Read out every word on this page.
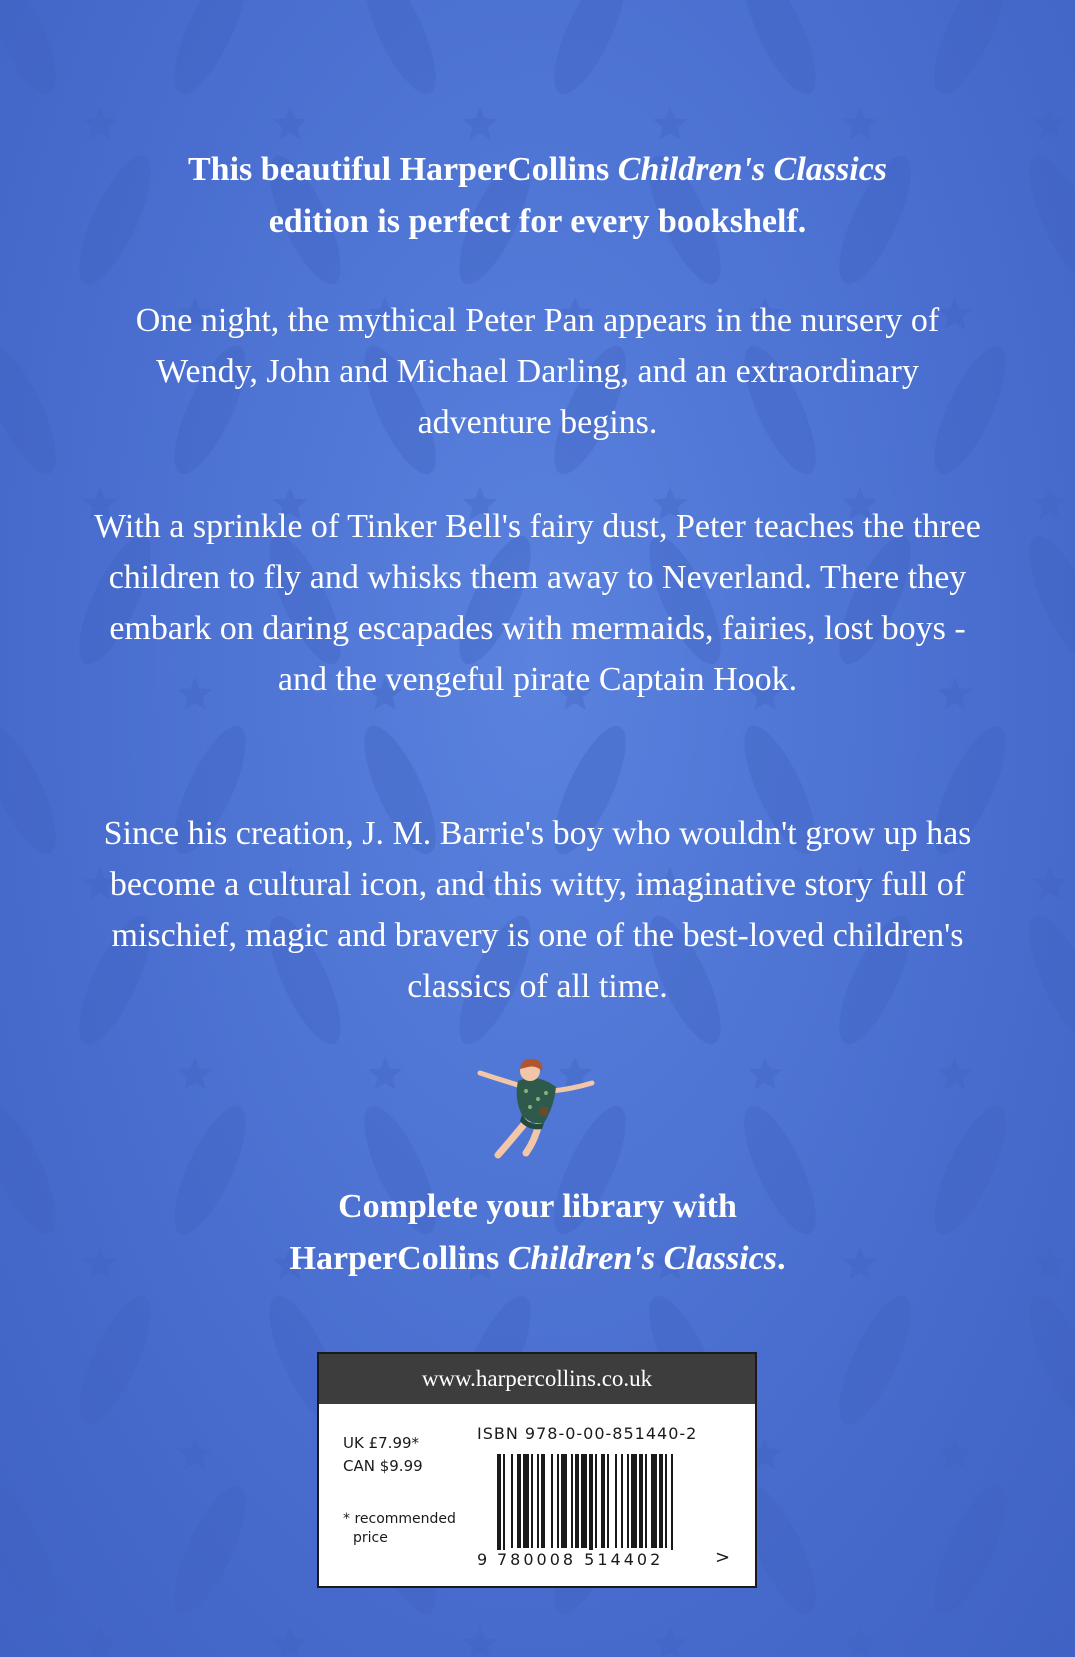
This beautiful HarperCollins Children's Classics
edition is perfect for every bookshelf.

One night, the mythical Peter Pan appears in the nursery of Wendy, John and Michael Darling, and an extraordinary adventure begins.

With a sprinkle of Tinker Bell's fairy dust, Peter teaches the three children to fly and whisks them away to Neverland. There they embark on daring escapades with mermaids, fairies, lost boys - and the vengeful pirate Captain Hook.

Since his creation, J. M. Barrie's boy who wouldn't grow up has become a cultural icon, and this witty, imaginative story full of mischief, magic and bravery is one of the best-loved children's classics of all time.

Complete your library with
HarperCollins Children's Classics.

www.harpercollins.co.uk
UK £7.99*
CAN $9.99
* recommended
price
ISBN 978-0-00-851440-2
9 780008 514402	>
